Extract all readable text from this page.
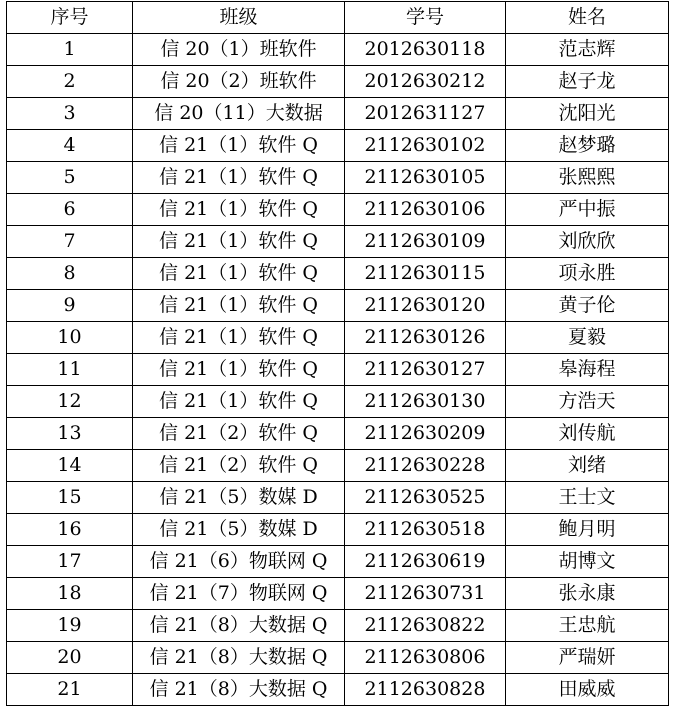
序号	班级	学号	姓名
1	信 20（1）班软件	2012630118	范志辉
2	信 20（2）班软件	2012630212	赵子龙
3	信 20（11）大数据	2012631127	沈阳光
4	信 21（1）软件 Q	2112630102	赵梦璐
5	信 21（1）软件 Q	2112630105	张熙熙
6	信 21（1）软件 Q	2112630106	严中振
7	信 21（1）软件 Q	2112630109	刘欣欣
8	信 21（1）软件 Q	2112630115	项永胜
9	信 21（1）软件 Q	2112630120	黄子伦
10	信 21（1）软件 Q	2112630126	夏毅
11	信 21（1）软件 Q	2112630127	皋海程
12	信 21（1）软件 Q	2112630130	方浩天
13	信 21（2）软件 Q	2112630209	刘传航
14	信 21（2）软件 Q	2112630228	刘绪
15	信 21（5）数媒 D	2112630525	王士文
16	信 21（5）数媒 D	2112630518	鲍月明
17	信 21（6）物联网 Q	2112630619	胡博文
18	信 21（7）物联网 Q	2112630731	张永康
19	信 21（8）大数据 Q	2112630822	王忠航
20	信 21（8）大数据 Q	2112630806	严瑞妍
21	信 21（8）大数据 Q	2112630828	田威威
